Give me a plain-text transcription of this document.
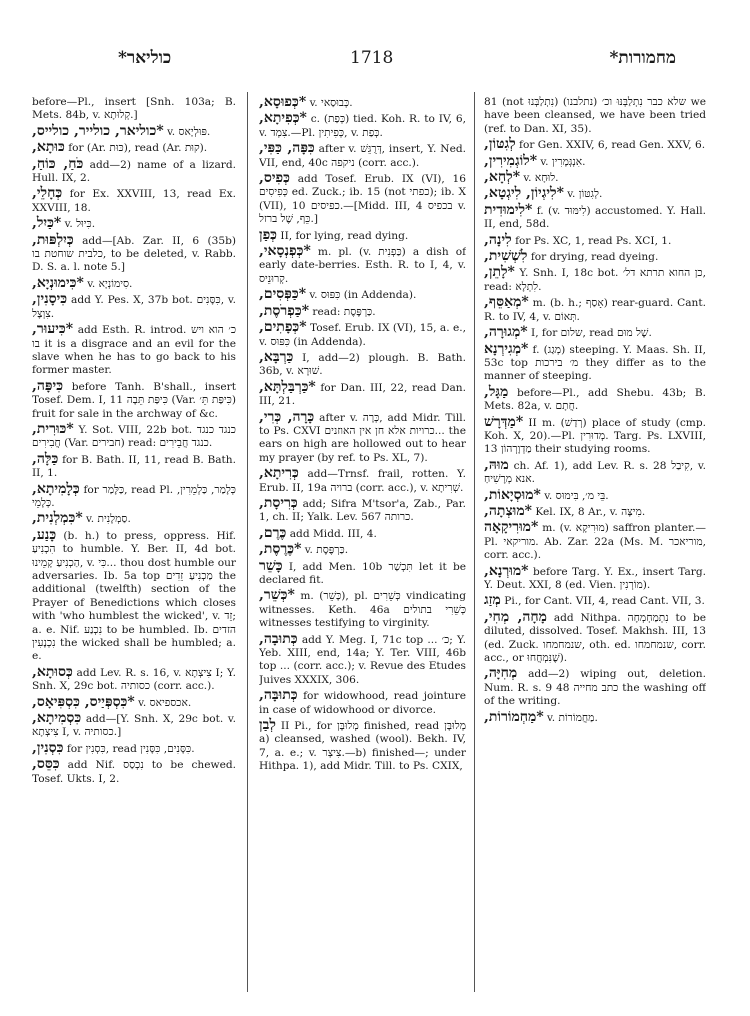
כוליאר*	1718	מחמורות*

before—Pl., insert [Snh. 103a; B. Mets. 84b, v. קְלוּתָא.]

*כוליאר, כולייר, כולייס, v. פּוּלְיָאס.

כּוּתָא, for (Ar. כּוּת), read (Ar. קוּת).

כֹּחַ, כּוֹחַ, add—2) name of a lizard. Hull. IX, 2.

כְּחָלֵי, for Ex. XXVIII, 13, read Ex. XXVIII, 18.

*כַּיִל, v. כִּיוּל.

כְּיִלְפּוּת, add—[Ab. Zar. II, 6 (35b) כלבית שוחטת בו, to be deleted, v. Rabb. D. S. a. l. note 5.]

*כִּימוּנְיָא, v. סִימוֹנְיָא.

כִּיסָנִין, add Y. Pes. X, 37b bot. כִּסָּנִים, v. צִוְצָל.

*כִּיעוּר, add Esth. R. introd. כ׳ הוא ויש בו it is a disgrace and an evil for the slave when he has to go back to his former master.

כִּיפָּה, before Tanh. B'shall., insert Tosef. Dem. I, 11 כִּיפַּת תֵּבָה (Var. כִּיפַּת תֵּ׳) fruit for sale in the archway of &c.

*כּוּרִית, Y. Sot. VIII, 22b bot. כנגד כנגד חֲבִירִים (Var. חבירים) read: כנגד חֲבֵירִים.

כַּלָּה, for B. Bath. II, 11, read B. Bath. II, 1.

כְּלָמִיתָא, for כַּלָּמַר, read Pl. כְּלָמַר, כַּלְמֵרִין, כְּלָמֵי.

*כִּמְלְנִית, v. סַמְלָנִית.

כָּנַע, (b. h.) to press, oppress. Hif. הִכְנִיעַ to humble. Y. Ber. II, 4d bot. הַכְנִיעַ קָמֵינוּ, v. כִּי... thou dost humble our adversaries. Ib. 5a top מַכְנִיעַ זֵדִים the additional (twelfth) section of the Prayer of Benedictions which closes with 'who humblest the wicked', v. זֵד; a. e. Nif. נִכְנַע to be humbled. Ib. הזדים נִכְנָעִין the wicked shall be humbled; a. e.

כְּסוּתָא, add Lev. R. s. 16, v. צִיצְתָא I; Y. Snh. X, 29c bot. כסותיה (corr. acc.).

*כִּסְפְּיַיס, כִּסְפִּיאָס, v. אכספיאס.

כִּסְמִיתָא, add—[Y. Snh. X, 29c bot. v. צִיצְתָא I, v. כסותיה.]

כִּסְנִין, for כִּסְנִין, read כִּסָּנִים, כִּסָּנִין.

כִּסֵּס, add Nif. נִכְסַס to be chewed. Tosef. Ukts. I, 2.

*כְּפוּסָא, v. כְּבוּסַאי.

*כְּפִיתָא, c. (כְּפַת) tied. Koh. R. to IV, 6, v. צִמְד.—Pl. כְּפִיתִין, v. כְּפַת.

כִּפָּה, כַּפִּי, after v. דְּרֻגֵּשׁ, insert, Y. Ned. VII, end, 40c ניקפה (corr. acc.).

כְּפִיס, add Tosef. Erub. IX (VI), 16 כְּפִיסִים ed. Zuck.; ib. 15 (not כפתי); ib. X (VII), 10 כפיסים.—[Midd. III, 4 בכפיס v. כֵּף, שֶׁל ברזל.]

כְּפַן II, for lying, read dying.

*כְּפְנְסָאי, m. pl. (v. כַּפְנִית) a dish of early date-berries. Esth. R. to I, 4, v. קְרוּנֵיס.

*כַּפְּסִים, v. כִּפּוּס (in Addenda).

*כַּפְרֹסֶת, read: כַּרְפֶּסֶת.

*כְּפָתִים, Tosef. Erub. IX (VI), 15, a. e., v. כִּפּוּס (in Addenda).

כַּרְבָּא, I, add—2) plough. B. Bath. 36b, v. שׁוּרָא.

*כַּרְבַּלְתָּא, for Dan. III, 22, read Dan. III, 21.

כָּרָה, כְּרִי, after v. כְּרָה, add Midr. Till. to Ps. CXVI כרויות אלא חן אין האוזנים... the ears on high are hollowed out to hear my prayer (by ref. to Ps. XL, 7).

כְּרִיתָא, add—Trnsf. frail, rotten. Y. Erub. II, 19a ברויה (corr. acc.), v. שְׁרִיתָא.

כְּרִיסָת, add; Sifra M'tsor'a, Zab., Par. 1, ch. II; Yalk. Lev. 567 כרותה.

כֶּרֶם, add Midd. III, 4.

*כֶּרֶסֶת, v. כַּרְפֶּסֶת.

כָּשֵׁר I, add Men. 10b תִּכְשַׁר let it be declared fit.

*כְּשֵׁר, m. (כָּשֵׁר), pl. כְּשֵׁרִים vindicating witnesses. Keth. 46a כְּשֵׁרִי בתולים witnesses testifying to virginity.

כְּתוּבָה, add Y. Meg. I, 71c top ... כ׳; Y. Yeb. XIII, end, 14a; Y. Ter. VIII, 46b top ... (corr. acc.); v. Revue des Etudes Juives XXXIX, 306.

כְּתוּבָּה, for widowhood, read jointure in case of widowhood or divorce.

לְבַן II Pi., for מְלוּבָּן finished, read מְלוּבָּן a) cleansed, washed (wool). Bekh. IV, 7, a. e.; v. צִיצְר.—b) finished—; under Hithpa. 1), add Midr. Till. to Ps. CXIX,

81 (not נִתְלַבְּנוּ) (נתלבנו) שלא כבר נִתְלַבְּנּוּ וכ׳ we have been cleansed, we have been tried (ref. to Dan. XI, 35).

לְגִטּוֹן, for Gen. XXIV, 6, read Gen. XXV, 6.

*לוֹגְמִירִין, v. אִנְגְּמָרִין.

*לְחָא, v. לוּחָא.

*לִיגְיוֹן, לִיגְטָא, v. לְגִטּוֹן.

*לִימוּדִית f. (v. לִימּוּד) accustomed. Y. Hall. II, end, 58d.

לִינָה, for Ps. XC, 1, read Ps. XCI, 1.

לִשְׁשִׁית, for drying, read dyeing.

*לָתֵן, Y. Snh. I, 18c bot. כן החוא תרתא דל׳, read: לִתְלָא.

*מְאַסֵּף, m. (b. h.; אָסַף) rear-guard. Cant. R. to IV, 4, v. תְּאוֹם.

*מְגוּרָה, I, for שלום, read שֶׁל מוּם.

*מְגִירְנָא f. (מְגַג) steeping. Y. Maas. Sh. II, 53c top מ׳ בירכות they differ as to the manner of steeping.

מַגָּל, before—Pl., add Shebu. 43b; B. Mets. 82a, v. חֲתָם.

*מַדְּרָשׁ II m. (רְדַשׁ) place of study (cmp. Koh. X, 20).—Pl. מְדוּרִין. Targ. Ps. LXVIII, 13 מַדְוָרְהוֹן their studying rooms.

מוּהּ, ch. Af. 1), add Lev. R. s. 28 קִיבַל, v. אנא מְרָשִׁיחַ.

*מוּסְיָאוֹת, v. בֵּי מ׳, בִּימוּס.

*מוּצְתָה, Kel. IX, 8 Ar., v. מִיצָּה.

*מוּרִיקָאָה m. (v. מוּרִיקָא) saffron planter.—Pl. מוריקאי. Ab. Zar. 22a (Ms. M. מוריאכר, corr. acc.).

*מוּרְנָא, before Targ. Y. Ex., insert Targ. Y. Deut. XXI, 8 (ed. Vien. מוֹרְנִין).

מְזַג Pi., for Cant. VII, 4, read Cant. VII, 3.

מָחָה, מְחִי, add Nithpa. נִתְמַחְמְחָה to be diluted, dissolved. Tosef. Makhsh. III, 13 (ed. Zuck. שנמחמחו, oth. ed. שנמחמחו, corr. acc., or שֶׁנִּמְחֲחוּ).

מְחִיָּה, add—2) wiping out, deletion. Num. R. s. 9 48 כתב מחייה the washing off of the writing.

*מַחְמוֹרוֹת, v. מַחֲמוֹרוֹת.
